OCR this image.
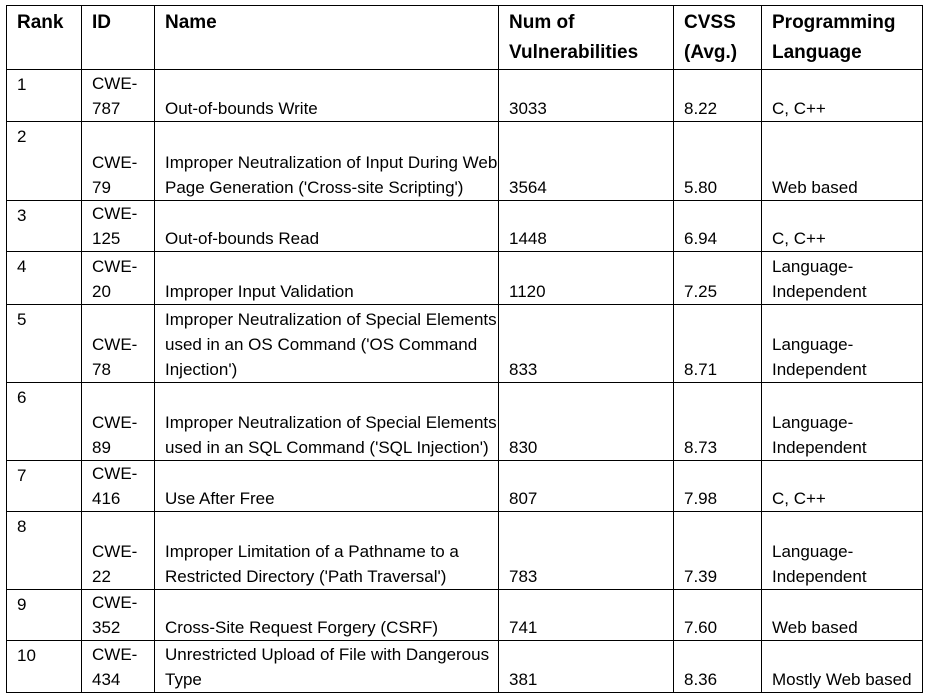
Rank	ID	Name	Num of Vulnerabilities	CVSS (Avg.)	Programming Language
1	CWE-787	Out-of-bounds Write	3033	8.22	C, C++
2	CWE-79	Improper Neutralization of Input During Web Page Generation ('Cross-site Scripting')	3564	5.80	Web based
3	CWE-125	Out-of-bounds Read	1448	6.94	C, C++
4	CWE-20	Improper Input Validation	1120	7.25	Language-Independent
5	CWE-78	Improper Neutralization of Special Elements used in an OS Command ('OS Command Injection')	833	8.71	Language-Independent
6	CWE-89	Improper Neutralization of Special Elements used in an SQL Command ('SQL Injection')	830	8.73	Language-Independent
7	CWE-416	Use After Free	807	7.98	C, C++
8	CWE-22	Improper Limitation of a Pathname to a Restricted Directory ('Path Traversal')	783	7.39	Language-Independent
9	CWE-352	Cross-Site Request Forgery (CSRF)	741	7.60	Web based
10	CWE-434	Unrestricted Upload of File with Dangerous Type	381	8.36	Mostly Web based
